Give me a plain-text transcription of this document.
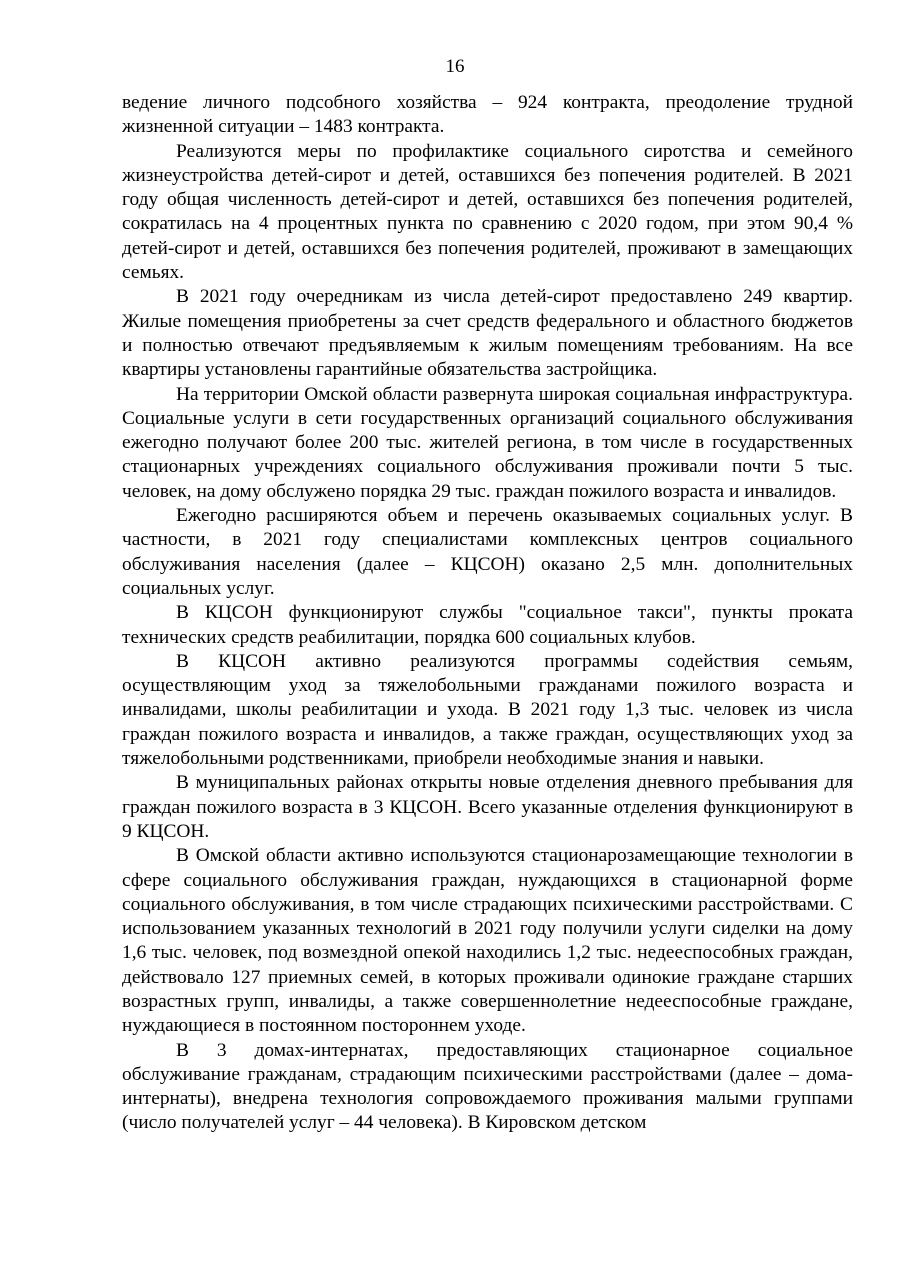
16

ведение личного подсобного хозяйства – 924 контракта, преодоление трудной жизненной ситуации – 1483 контракта.

Реализуются меры по профилактике социального сиротства и семейного жизнеустройства детей-сирот и детей, оставшихся без попечения родителей. В 2021 году общая численность детей-сирот и детей, оставшихся без попечения родителей, сократилась на 4 процентных пункта по сравнению с 2020 годом, при этом 90,4 % детей-сирот и детей, оставшихся без попечения родителей, проживают в замещающих семьях.

В 2021 году очередникам из числа детей-сирот предоставлено 249 квартир. Жилые помещения приобретены за счет средств федерального и областного бюджетов и полностью отвечают предъявляемым к жилым помещениям требованиям. На все квартиры установлены гарантийные обязательства застройщика.

На территории Омской области развернута широкая социальная инфраструктура. Социальные услуги в сети государственных организаций социального обслуживания ежегодно получают более 200 тыс. жителей региона, в том числе в государственных стационарных учреждениях социального обслуживания проживали почти 5 тыс. человек, на дому обслужено порядка 29 тыс. граждан пожилого возраста и инвалидов.

Ежегодно расширяются объем и перечень оказываемых социальных услуг. В частности, в 2021 году специалистами комплексных центров социального обслуживания населения (далее – КЦСОН) оказано 2,5 млн. дополнительных социальных услуг.

В КЦСОН функционируют службы "социальное такси", пункты проката технических средств реабилитации, порядка 600 социальных клубов.

В КЦСОН активно реализуются программы содействия семьям, осуществляющим уход за тяжелобольными гражданами пожилого возраста и инвалидами, школы реабилитации и ухода. В 2021 году 1,3 тыс. человек из числа граждан пожилого возраста и инвалидов, а также граждан, осуществляющих уход за тяжелобольными родственниками, приобрели необходимые знания и навыки.

В муниципальных районах открыты новые отделения дневного пребывания для граждан пожилого возраста в 3 КЦСОН. Всего указанные отделения функционируют в 9 КЦСОН.

В Омской области активно используются стационарозамещающие технологии в сфере социального обслуживания граждан, нуждающихся в стационарной форме социального обслуживания, в том числе страдающих психическими расстройствами. С использованием указанных технологий в 2021 году получили услуги сиделки на дому 1,6 тыс. человек, под возмездной опекой находились 1,2 тыс. недееспособных граждан, действовало 127 приемных семей, в которых проживали одинокие граждане старших возрастных групп, инвалиды, а также совершеннолетние недееспособные граждане, нуждающиеся в постоянном постороннем уходе.

В 3 домах-интернатах, предоставляющих стационарное социальное обслуживание гражданам, страдающим психическими расстройствами (далее – дома-интернаты), внедрена технология сопровождаемого проживания малыми группами (число получателей услуг – 44 человека). В Кировском детском
